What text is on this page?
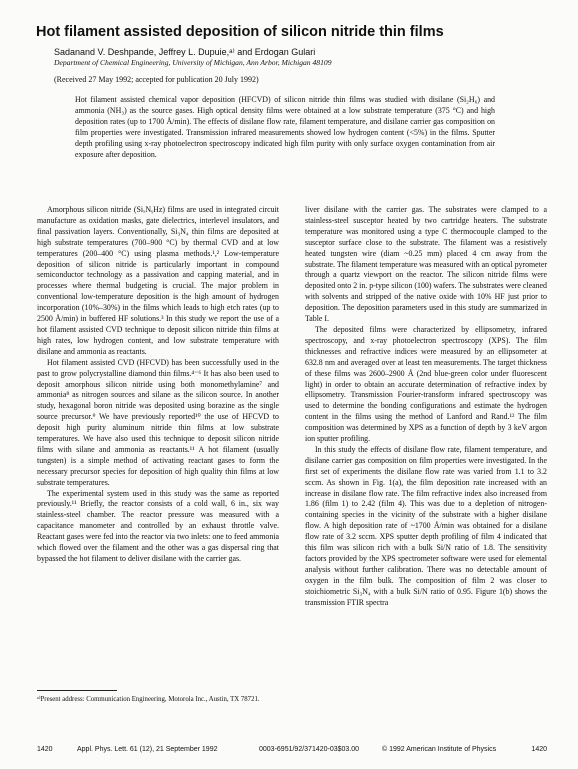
Hot filament assisted deposition of silicon nitride thin films
Sadanand V. Deshpande, Jeffrey L. Dupuie,ᵃ⁾ and Erdogan Gulari
Department of Chemical Engineering, University of Michigan, Ann Arbor, Michigan 48109
(Received 27 May 1992; accepted for publication 20 July 1992)

Hot filament assisted chemical vapor deposition (HFCVD) of silicon nitride thin films was studied with disilane (Si₂H₆) and ammonia (NH₃) as the source gases. High optical density films were obtained at a low substrate temperature (375 °C) and high deposition rates (up to 1700 Å/min). The effects of disilane flow rate, filament temperature, and disilane carrier gas composition on film properties were investigated. Transmission infrared measurements showed low hydrogen content (<5%) in the films. Sputter depth profiling using x-ray photoelectron spectroscopy indicated high film purity with only surface oxygen contamination from air exposure after deposition.

Amorphous silicon nitride (SiₓNᵧHz) films are used in integrated circuit manufacture as oxidation masks, gate dielectrics, interlevel insulators, and final passivation layers. Conventionally, Si₃N₄ thin films are deposited at high substrate temperatures (700–900 °C) by thermal CVD and at low temperatures (200–400 °C) using plasma methods.¹,² Low-temperature deposition of silicon nitride is particularly important in compound semiconductor technology as a passivation and capping material, and in processes where thermal budgeting is crucial. The major problem in conventional low-temperature deposition is the high amount of hydrogen incorporation (10%–30%) in the films which leads to high etch rates (up to 2500 Å/min) in buffered HF solutions.³ In this study we report the use of a hot filament assisted CVD technique to deposit silicon nitride thin films at high rates, low hydrogen content, and low substrate temperature with disilane and ammonia as reactants.

Hot filament assisted CVD (HFCVD) has been successfully used in the past to grow polycrystalline diamond thin films.⁴⁻⁶ It has also been used to deposit amorphous silicon nitride using both monomethylamine⁷ and ammonia⁸ as nitrogen sources and silane as the silicon source. In another study, hexagonal boron nitride was deposited using borazine as the single source precursor.⁹ We have previously reported¹⁰ the use of HFCVD to deposit high purity aluminum nitride thin films at low substrate temperatures. We have also used this technique to deposit silicon nitride films with silane and ammonia as reactants.¹¹ A hot filament (usually tungsten) is a simple method of activating reactant gases to form the necessary precursor species for deposition of high quality thin films at low substrate temperatures.

The experimental system used in this study was the same as reported previously.¹¹ Briefly, the reactor consists of a cold wall, 6 in., six way stainless-steel chamber. The reactor pressure was measured with a capacitance manometer and controlled by an exhaust throttle valve. Reactant gases were fed into the reactor via two inlets: one to feed ammonia which flowed over the filament and the other was a gas dispersal ring that bypassed the hot filament to deliver disilane with the carrier gas.

liver disilane with the carrier gas. The substrates were clamped to a stainless-steel susceptor heated by two cartridge heaters. The substrate temperature was monitored using a type C thermocouple clamped to the susceptor surface close to the substrate. The filament was a resistively heated tungsten wire (diam ~0.25 mm) placed 4 cm away from the substrate. The filament temperature was measured with an optical pyrometer through a quartz viewport on the reactor. The silicon nitride films were deposited onto 2 in. p-type silicon (100) wafers. The substrates were cleaned with solvents and stripped of the native oxide with 10% HF just prior to deposition. The deposition parameters used in this study are summarized in Table I.

The deposited films were characterized by ellipsometry, infrared spectroscopy, and x-ray photoelectron spectroscopy (XPS). The film thicknesses and refractive indices were measured by an ellipsometer at 632.8 nm and averaged over at least ten measurements. The target thickness of these films was 2600–2900 Å (2nd blue-green color under fluorescent light) in order to obtain an accurate determination of refractive index by ellipsometry. Transmission Fourier-transform infrared spectroscopy was used to determine the bonding configurations and estimate the hydrogen content in the films using the method of Lanford and Rand.¹² The film composition was determined by XPS as a function of depth by 3 keV argon ion sputter profiling.

In this study the effects of disilane flow rate, filament temperature, and disilane carrier gas composition on film properties were investigated. In the first set of experiments the disilane flow rate was varied from 1.1 to 3.2 sccm. As shown in Fig. 1(a), the film deposition rate increased with an increase in disilane flow rate. The film refractive index also increased from 1.86 (film 1) to 2.42 (film 4). This was due to a depletion of nitrogen-containing species in the vicinity of the substrate with a higher disilane flow. A high deposition rate of ~1700 Å/min was obtained for a disilane flow rate of 3.2 sccm. XPS sputter depth profiling of film 4 indicated that this film was silicon rich with a bulk Si/N ratio of 1.8. The sensitivity factors provided by the XPS spectrometer software were used for elemental analysis without further calibration. There was no detectable amount of oxygen in the film bulk. The composition of film 2 was closer to stoichiometric Si₃N₄ with a bulk Si/N ratio of 0.95. Figure 1(b) shows the transmission FTIR spectra

ᵃ⁾Present address: Communication Engineering, Motorola Inc., Austin, TX 78721.
1420	Appl. Phys. Lett. 61 (12), 21 September 1992	0003-6951/92/371420-03$03.00	© 1992 American Institute of Physics	1420
